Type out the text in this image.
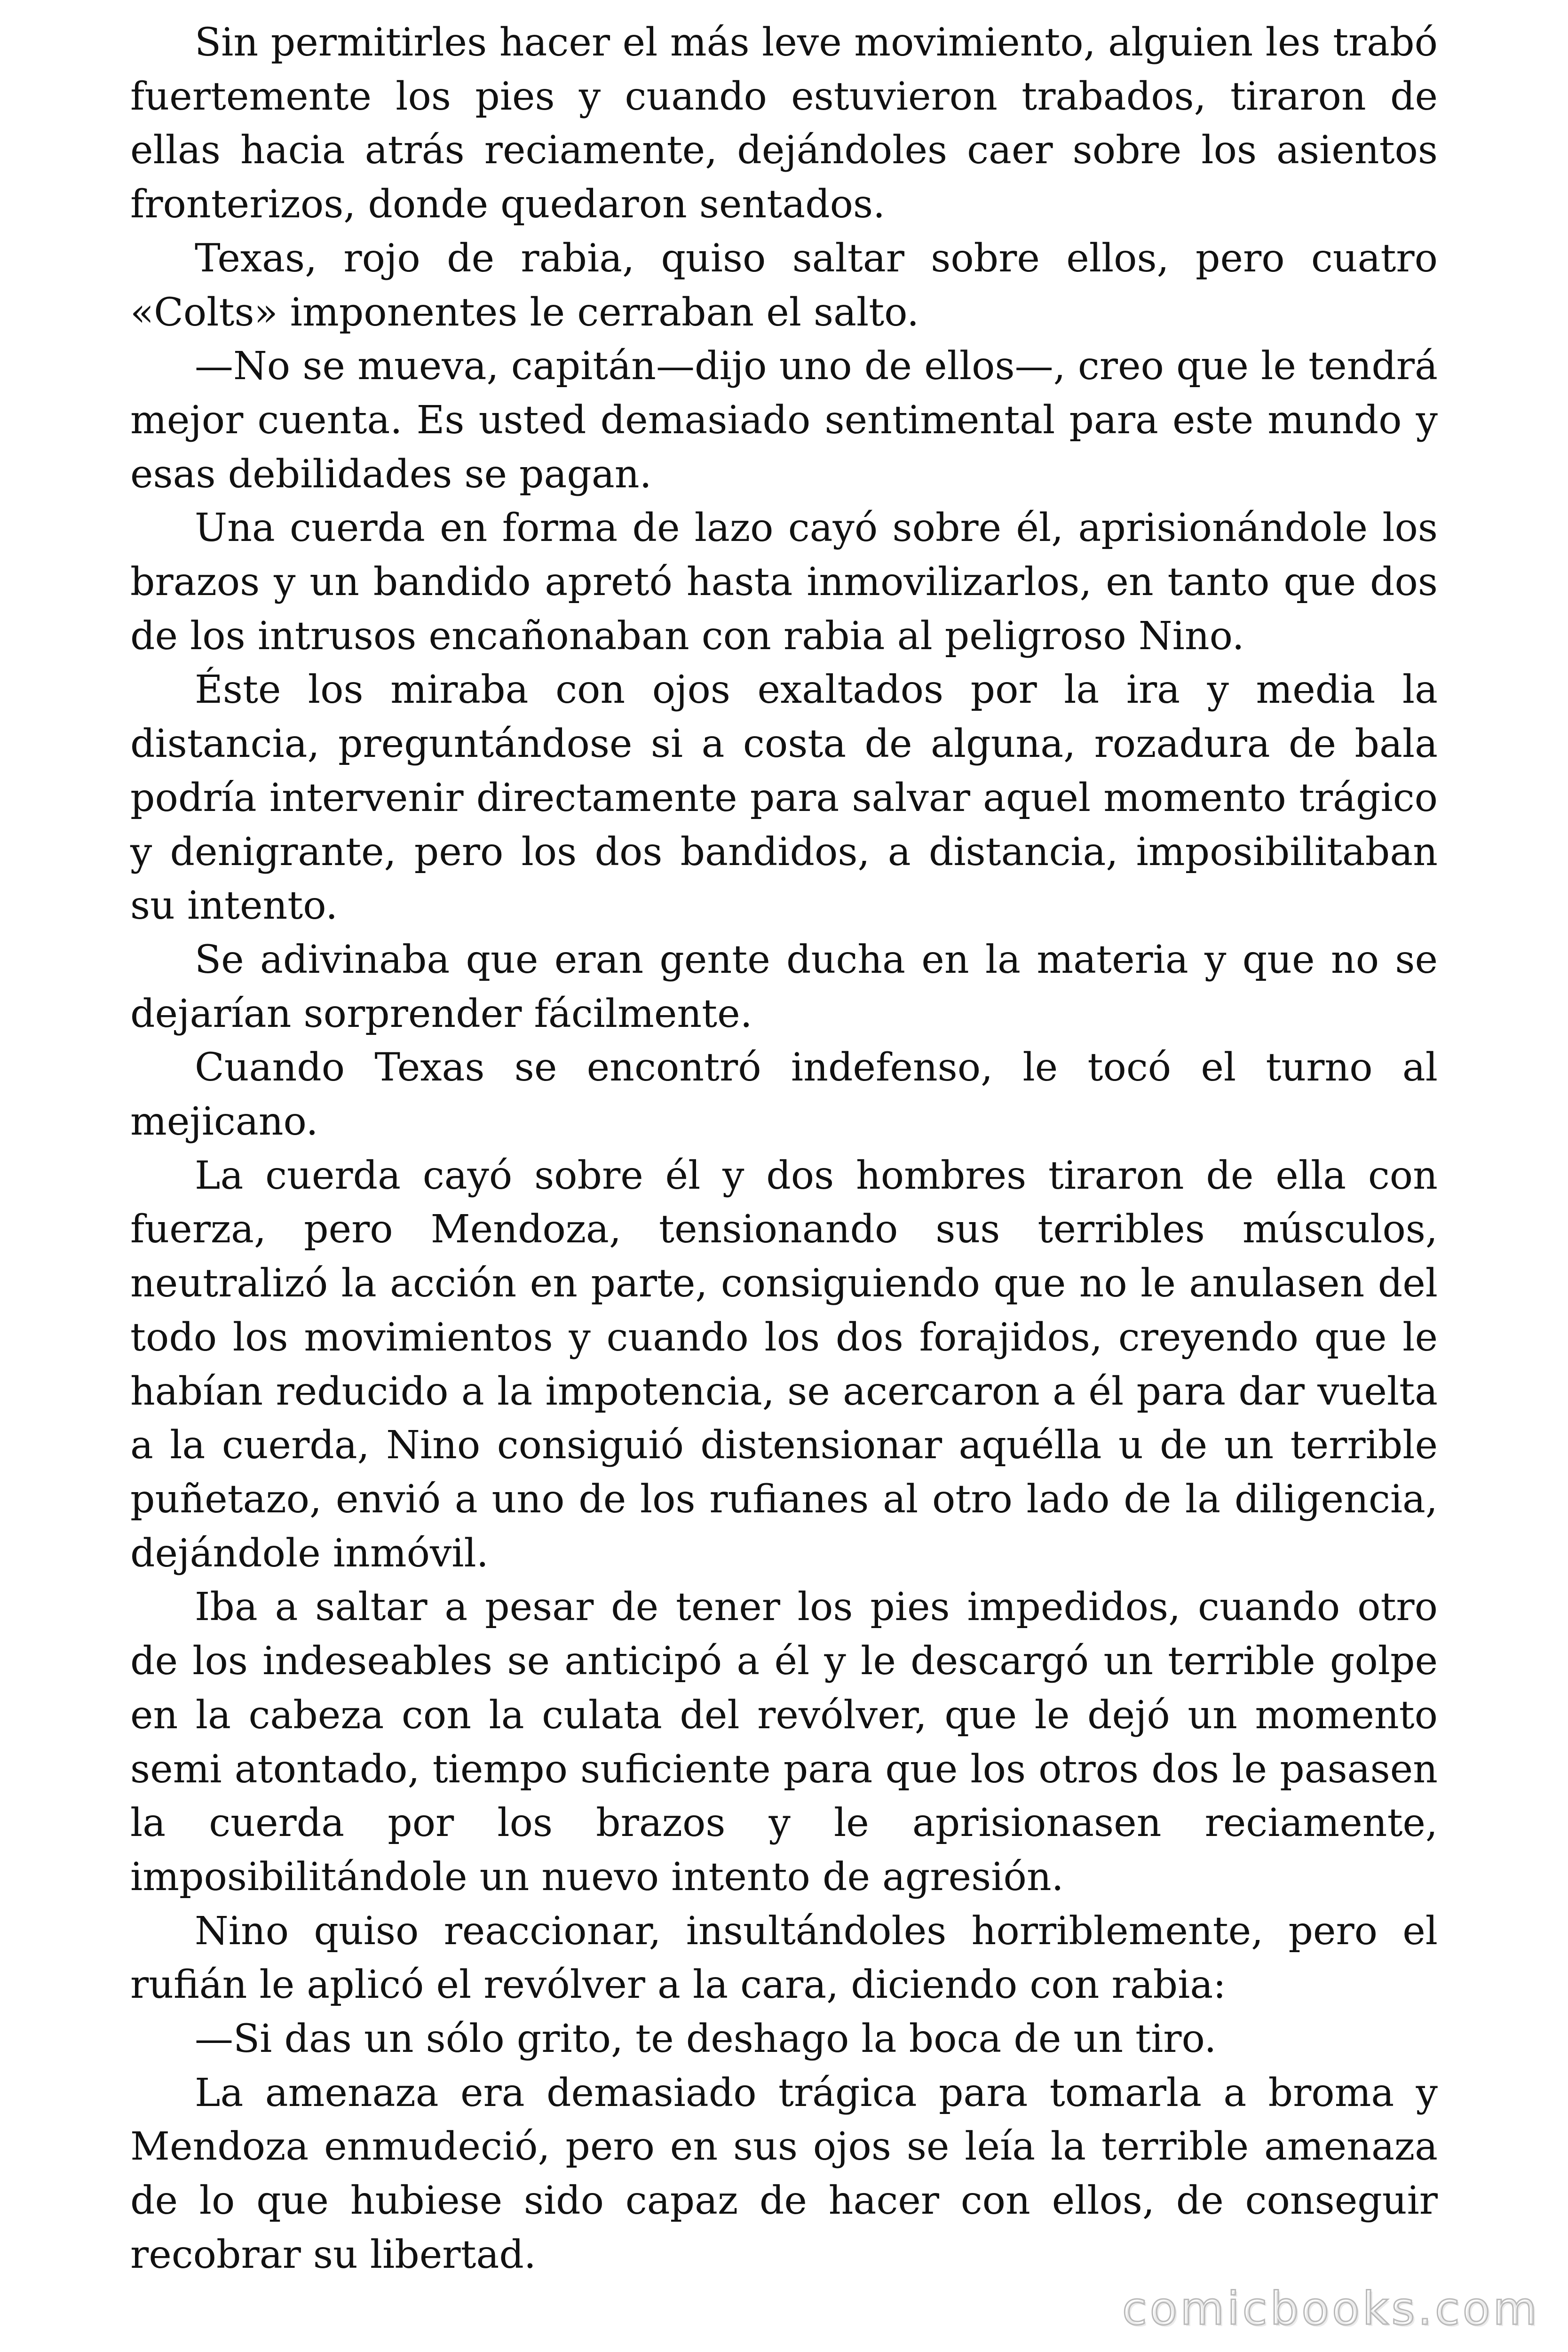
Sin permitirles hacer el más leve movimiento, alguien les trabó fuertemente los pies y cuando estuvieron trabados, tiraron de ellas hacia atrás reciamente, dejándoles caer sobre los asientos fronterizos, donde quedaron sentados.

Texas, rojo de rabia, quiso saltar sobre ellos, pero cuatro «Colts» imponentes le cerraban el salto.

—No se mueva, capitán—dijo uno de ellos—, creo que le tendrá mejor cuenta. Es usted demasiado sentimental para este mundo y esas debilidades se pagan.

Una cuerda en forma de lazo cayó sobre él, aprisionándole los brazos y un bandido apretó hasta inmovilizarlos, en tanto que dos de los intrusos encañonaban con rabia al peligroso Nino.

Éste los miraba con ojos exaltados por la ira y media la distancia, preguntándose si a costa de alguna, rozadura de bala podría intervenir directamente para salvar aquel momento trágico y denigrante, pero los dos bandidos, a distancia, imposibilitaban su intento.

Se adivinaba que eran gente ducha en la materia y que no se dejarían sorprender fácilmente.

Cuando Texas se encontró indefenso, le tocó el turno al mejicano.

La cuerda cayó sobre él y dos hombres tiraron de ella con fuerza, pero Mendoza, tensionando sus terribles músculos, neutralizó la acción en parte, consiguiendo que no le anulasen del todo los movimientos y cuando los dos forajidos, creyendo que le habían reducido a la impotencia, se acercaron a él para dar vuelta a la cuerda, Nino consiguió distensionar aquélla u de un terrible puñetazo, envió a uno de los rufianes al otro lado de la diligencia, dejándole inmóvil.

Iba a saltar a pesar de tener los pies impedidos, cuando otro de los indeseables se anticipó a él y le descargó un terrible golpe en la cabeza con la culata del revólver, que le dejó un momento semi atontado, tiempo suficiente para que los otros dos le pasasen la cuerda por los brazos y le aprisionasen reciamente, imposibilitándole un nuevo intento de agresión.

Nino quiso reaccionar, insultándoles horriblemente, pero el rufián le aplicó el revólver a la cara, diciendo con rabia:

—Si das un sólo grito, te deshago la boca de un tiro.

La amenaza era demasiado trágica para tomarla a broma y Mendoza enmudeció, pero en sus ojos se leía la terrible amenaza de lo que hubiese sido capaz de hacer con ellos, de conseguir recobrar su libertad.

comicbooks.com
